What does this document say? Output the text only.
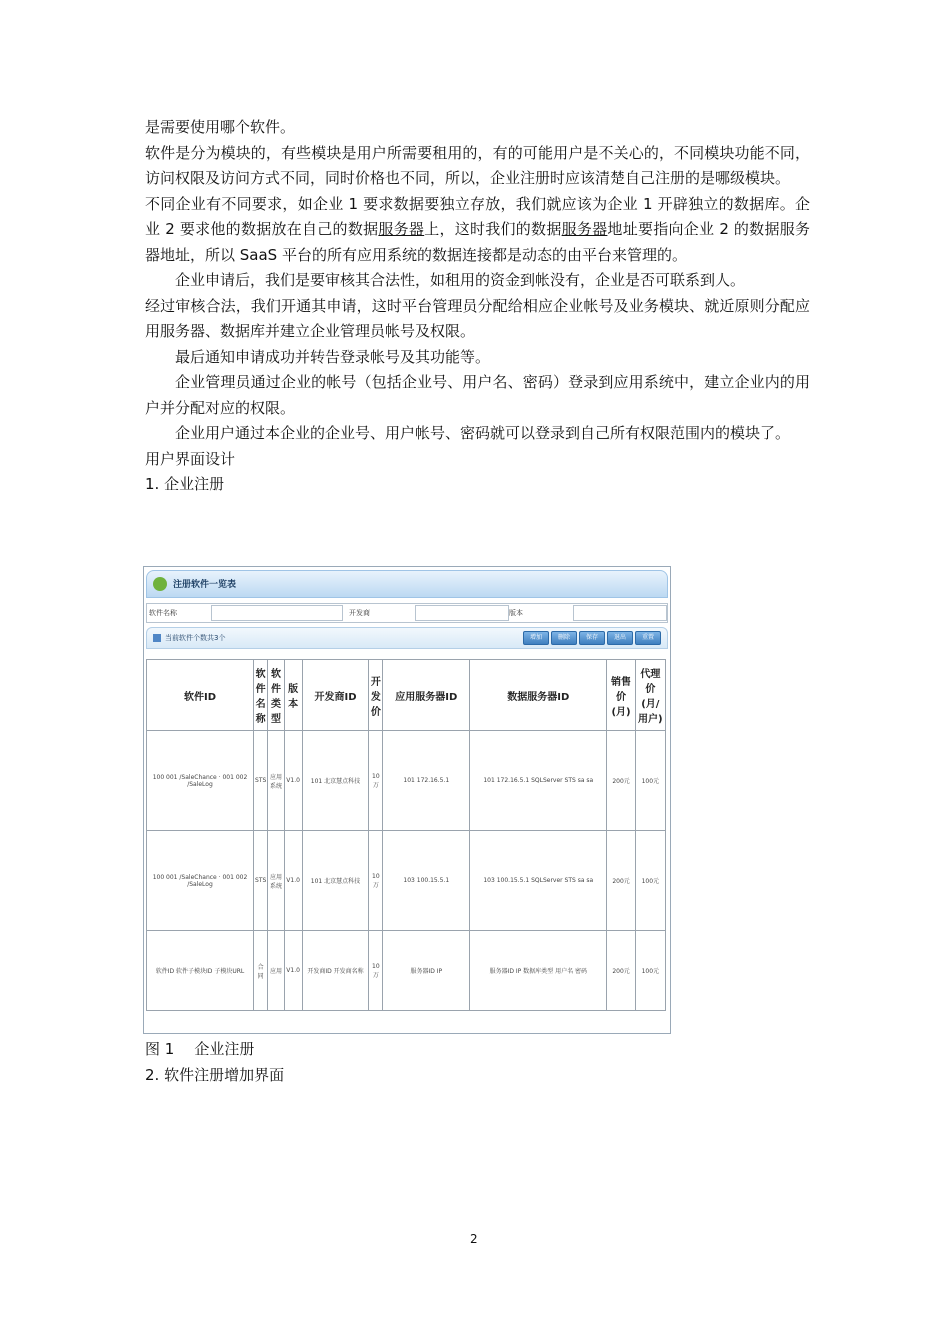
是需要使用哪个软件。

软件是分为模块的，有些模块是用户所需要租用的，有的可能用户是不关心的，不同模块功能不同，访问权限及访问方式不同，同时价格也不同，所以，企业注册时应该清楚自己注册的是哪级模块。

不同企业有不同要求，如企业 1 要求数据要独立存放，我们就应该为企业 1 开辟独立的数据库。企业 2 要求他的数据放在自己的数据服务器上，这时我们的数据服务器地址要指向企业 2 的数据服务器地址，所以 SaaS 平台的所有应用系统的数据连接都是动态的由平台来管理的。

企业申请后，我们是要审核其合法性，如租用的资金到帐没有，企业是否可联系到人。

经过审核合法，我们开通其申请，这时平台管理员分配给相应企业帐号及业务模块、就近原则分配应用服务器、数据库并建立企业管理员帐号及权限。

最后通知申请成功并转告登录帐号及其功能等。

企业管理员通过企业的帐号（包括企业号、用户名、密码）登录到应用系统中，建立企业内的用户并分配对应的权限。

企业用户通过本企业的企业号、用户帐号、密码就可以登录到自己所有权限范围内的模块了。

用户界面设计

1. 企业注册

注册软件一览表
软件名称	开发商	版本
当前软件个数共3个	增加	删除	保存	退出	重置
软件ID	软件名称	软件类型	版本	开发商ID	开发价	应用服务器ID	数据服务器ID	销售价(月)	代理价(月/用户)
100 001 /SaleChance · 001 002 /SaleLog	STS	应用系统	V1.0	101 北京慧点科技	10万	101 172.16.5.1	101 172.16.5.1 SQLServer STS sa sa	200元	100元
100 001 /SaleChance · 001 002 /SaleLog	STS	应用系统	V1.0	101 北京慧点科技	10万	103 100.15.5.1	103 100.15.5.1 SQLServer STS sa sa	200元	100元
软件ID 软件子模块ID 子模块URL	合同	应用	V1.0	开发商ID 开发商名称	10万	服务器ID IP	服务器ID IP 数据库类型 用户名 密码	200元	100元
图 1 企业注册
2. 软件注册增加界面
2
